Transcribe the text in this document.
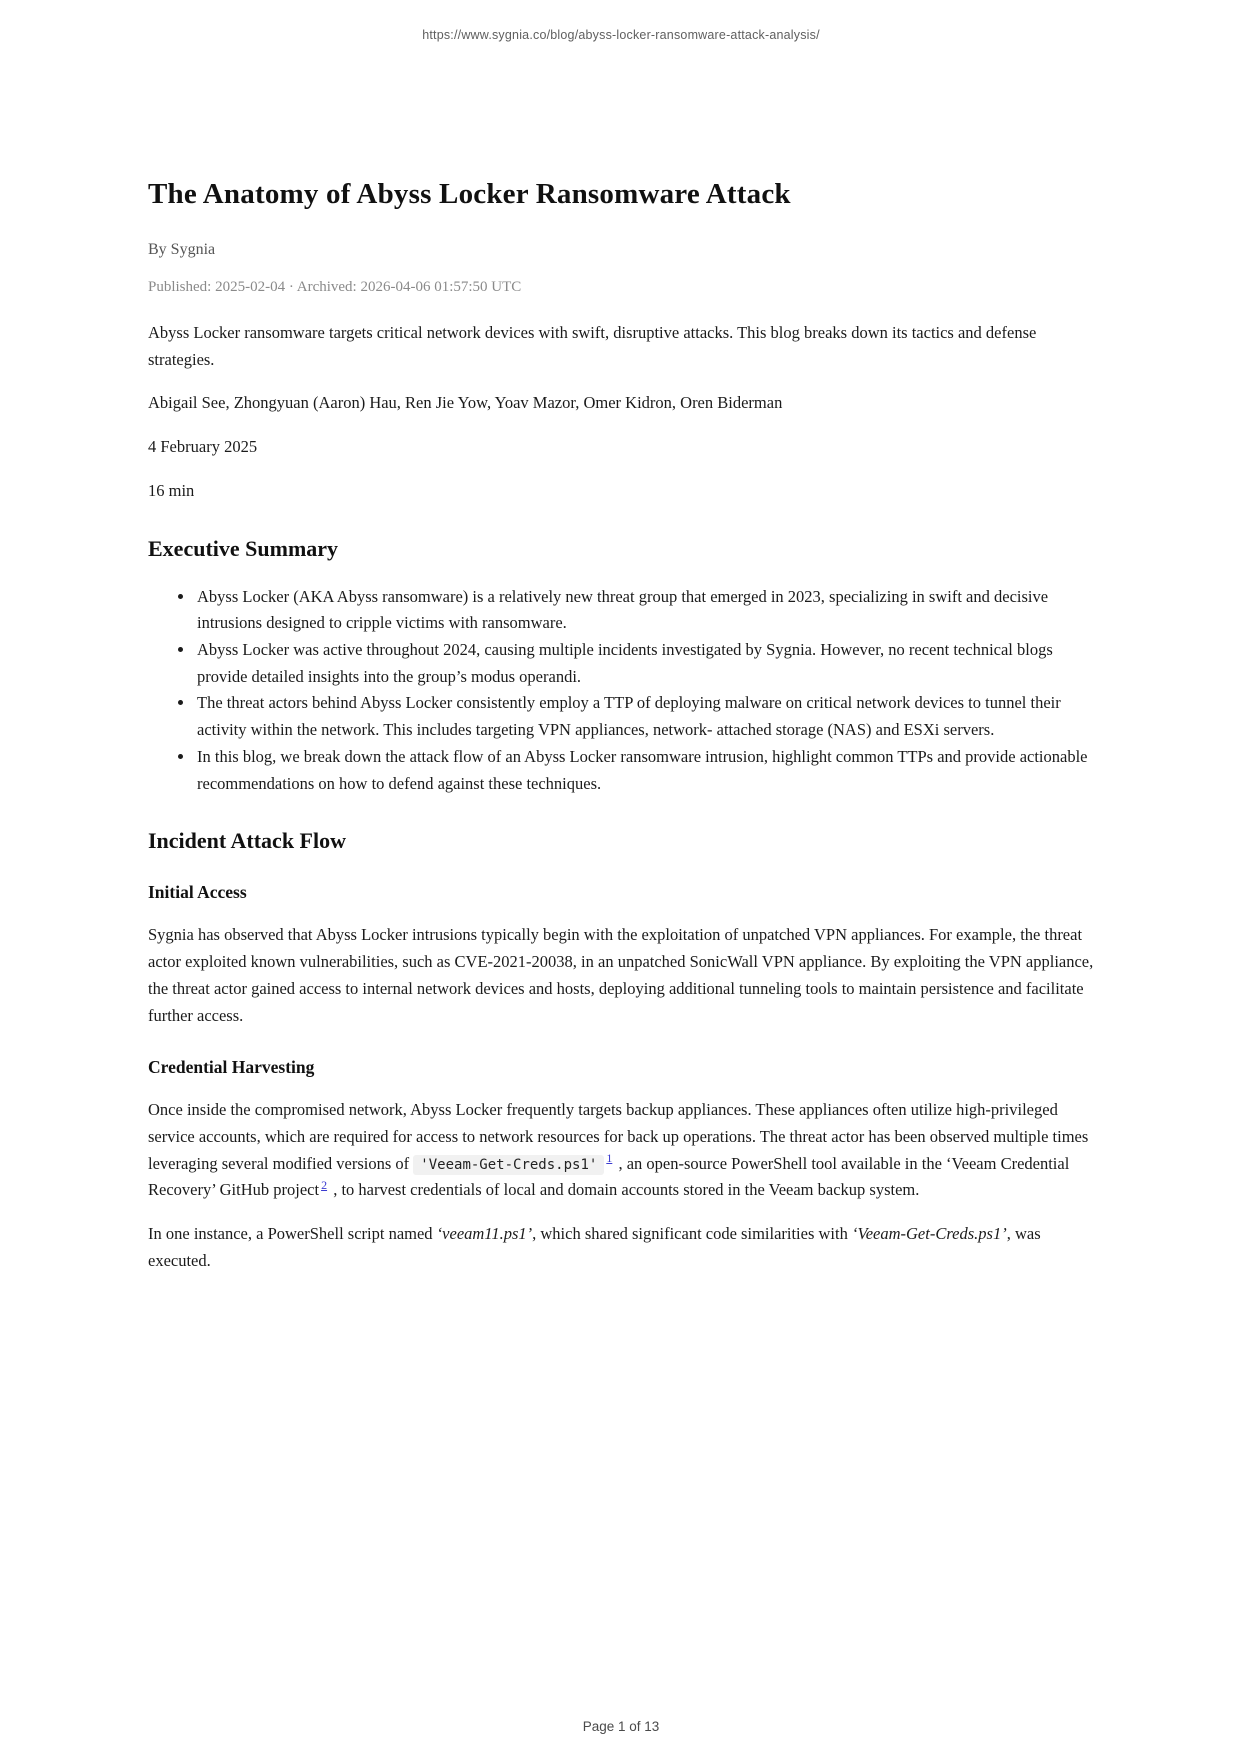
https://www.sygnia.co/blog/abyss-locker-ransomware-attack-analysis/
The Anatomy of Abyss Locker Ransomware Attack

By Sygnia

Published: 2025-02-04 · Archived: 2026-04-06 01:57:50 UTC

Abyss Locker ransomware targets critical network devices with swift, disruptive attacks. This blog breaks down its tactics and defense strategies.

Abigail See, Zhongyuan (Aaron) Hau, Ren Jie Yow, Yoav Mazor, Omer Kidron, Oren Biderman

4 February 2025

16 min

Executive Summary
• Abyss Locker (AKA Abyss ransomware) is a relatively new threat group that emerged in 2023, specializing in swift and decisive intrusions designed to cripple victims with ransomware.
• Abyss Locker was active throughout 2024, causing multiple incidents investigated by Sygnia. However, no recent technical blogs provide detailed insights into the group’s modus operandi.
• The threat actors behind Abyss Locker consistently employ a TTP of deploying malware on critical network devices to tunnel their activity within the network. This includes targeting VPN appliances, network- attached storage (NAS) and ESXi servers.
• In this blog, we break down the attack flow of an Abyss Locker ransomware intrusion, highlight common TTPs and provide actionable recommendations on how to defend against these techniques.
Incident Attack Flow
Initial Access

Sygnia has observed that Abyss Locker intrusions typically begin with the exploitation of unpatched VPN appliances. For example, the threat actor exploited known vulnerabilities, such as CVE-2021-20038, in an unpatched SonicWall VPN appliance. By exploiting the VPN appliance, the threat actor gained access to internal network devices and hosts, deploying additional tunneling tools to maintain persistence and facilitate further access.

Credential Harvesting

Once inside the compromised network, Abyss Locker frequently targets backup appliances. These appliances often utilize high-privileged service accounts, which are required for access to network resources for back up operations. The threat actor has been observed multiple times leveraging several modified versions of 'Veeam-Get-Creds.ps1' $^1$ , an open-source PowerShell tool available in the ‘Veeam Credential Recovery’ GitHub project $^2$ , to harvest credentials of local and domain accounts stored in the Veeam backup system.

In one instance, a PowerShell script named ‘veeam11.ps1’, which shared significant code similarities with ‘Veeam-Get-Creds.ps1’, was executed.

Page 1 of 13
